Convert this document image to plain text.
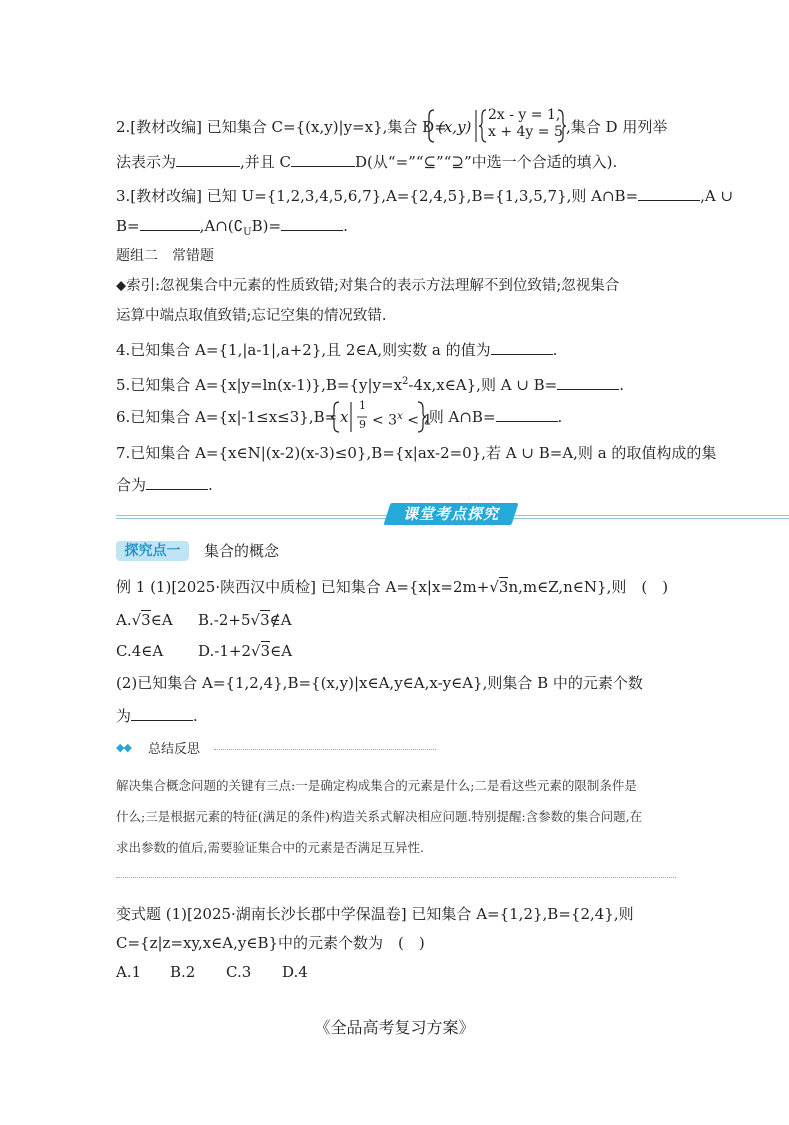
2.[教材改编] 已知集合 C={(x,y)|y=x},集合 D=
(x,y)
2x - y = 1,
x + 4y = 5 ,集合 D 用列举
法表示为	,并且 C	D(从“=”“⊆”“⊇”中选一个合适的填入).
3.[教材改编] 已知 U={1,2,3,4,5,6,7},A={2,4,5},B={1,3,5,7},则 A∩B=	,A ∪
B=	$,A\cap(∁_UB)=$	.
题组二　常错题
⬥索引:忽视集合中元素的性质致错;对集合的表示方法理解不到位致错;忽视集合
运算中端点取值致错;忘记空集的情况致错.
4.已知集合 A={1,|a-1|,a+2},且 2∈A,则实数 a 的值为	.
5.已知集合 $A=\{x|y=\ln(x-1)\},B=\{y|y=x^2-4x,x\in A\}$,则 A ∪ B=	.
6.已知集合 A={x|-1≤x≤3},B= x
1
$9 < 3^x < 1$
,则 A∩B=	.
7.已知集合 A={x∈N|(x-2)(x-3)≤0},B={x|ax-2=0},若 A ∪ B=A,则 a 的取值构成的集
合为	.
课堂考点探究
探究点一	集合的概念
例 1 (1)[2025·陕西汉中质检] 已知集合 A={x|x=2m+√3n,m∈Z,n∈N},则　(　)
A.√3∈A B.-2+5√3∉A
C.4∈A D.-1+2√3∈A
(2)已知集合 A={1,2,4},B={(x,y)|x∈A,y∈A,x-y∈A},则集合 B 中的元素个数
为	.
◆◆ 总结反思
解决集合概念问题的关键有三点:一是确定构成集合的元素是什么;二是看这些元素的限制条件是
什么;三是根据元素的特征(满足的条件)构造关系式解决相应问题.特别提醒:含参数的集合问题,在
求出参数的值后,需要验证集合中的元素是否满足互异性.
变式题 (1)[2025·湖南长沙长郡中学保温卷] 已知集合 A={1,2},B={2,4},则
C={z|z=xy,x∈A,y∈B}中的元素个数为　(　)
A.1 B.2 C.3 D.4
《全品高考复习方案》
